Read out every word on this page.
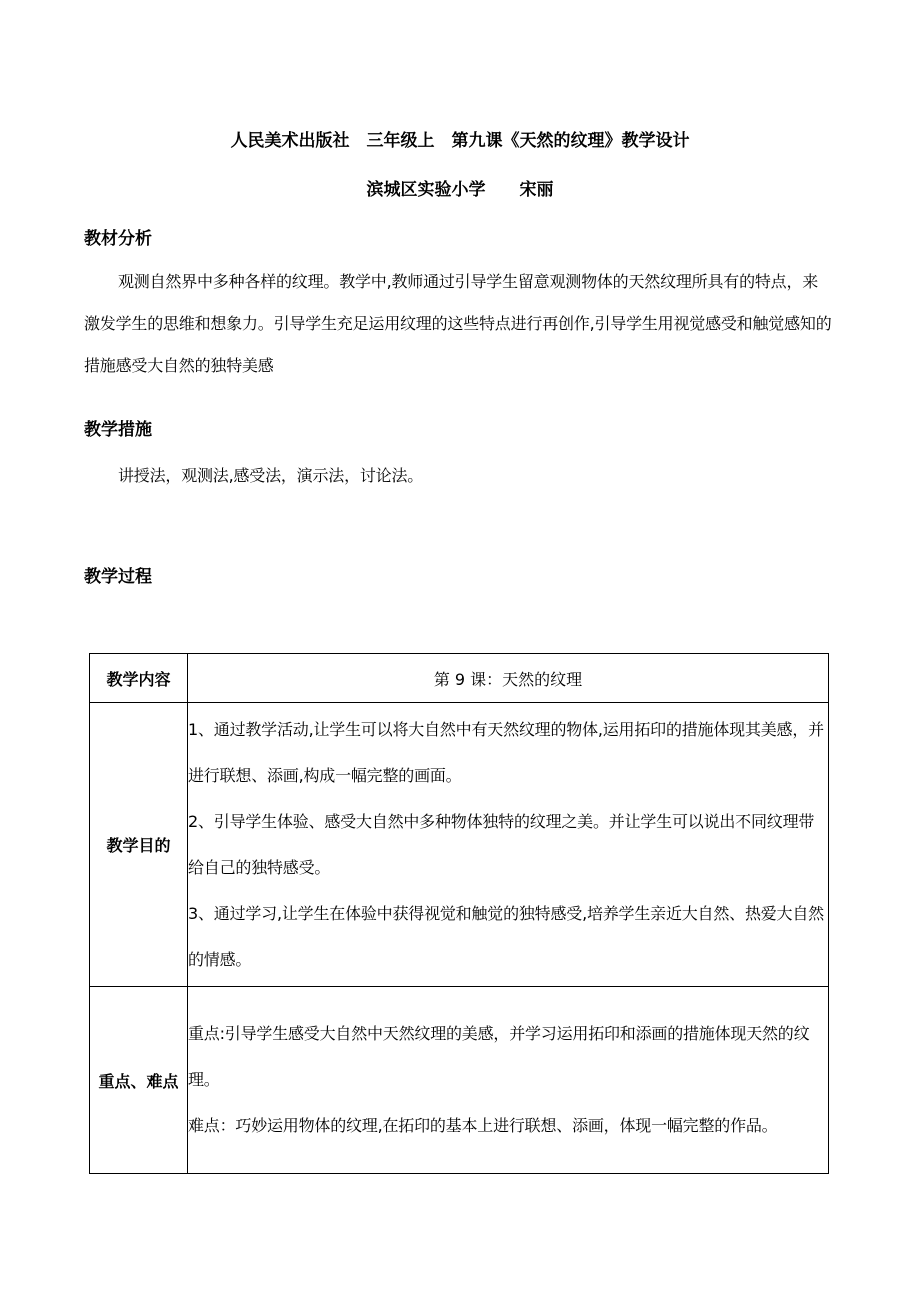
人民美术出版社　三年级上　第九课《天然的纹理》教学设计
滨城区实验小学　　宋丽
教材分析
观测自然界中多种各样的纹理。教学中,教师通过引导学生留意观测物体的天然纹理所具有的特点，来激发学生的思维和想象力。引导学生充足运用纹理的这些特点进行再创作,引导学生用视觉感受和触觉感知的措施感受大自然的独特美感
教学措施
讲授法，观测法,感受法，演示法，讨论法。
教学过程
教学内容	第 9 课：天然的纹理
教学目的	1、通过教学活动,让学生可以将大自然中有天然纹理的物体,运用拓印的措施体现其美感，并进行联想、添画,构成一幅完整的画面。
2、引导学生体验、感受大自然中多种物体独特的纹理之美。并让学生可以说出不同纹理带给自己的独特感受。
3、通过学习,让学生在体验中获得视觉和触觉的独特感受,培养学生亲近大自然、热爱大自然的情感。

重点、难点	重点:引导学生感受大自然中天然纹理的美感，并学习运用拓印和添画的措施体现天然的纹理。
难点：巧妙运用物体的纹理,在拓印的基本上进行联想、添画，体现一幅完整的作品。
